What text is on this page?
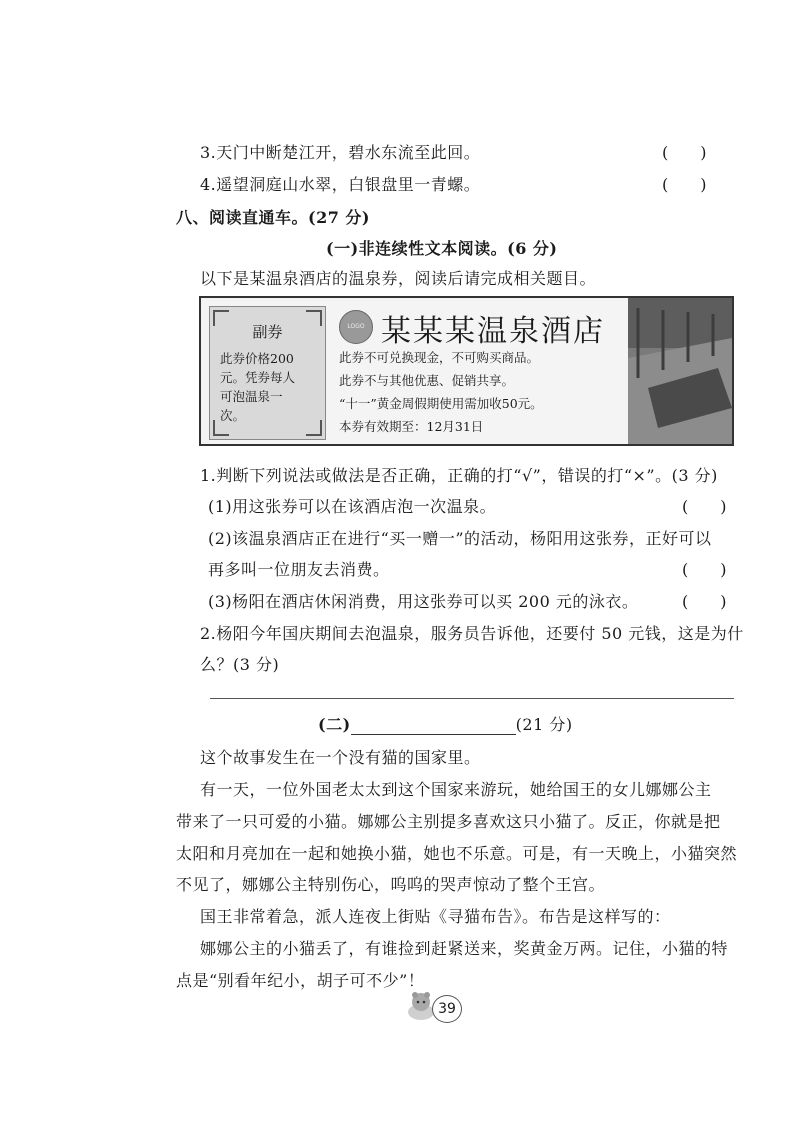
3.天门中断楚江开，碧水东流至此回。	(　　)
4.遥望洞庭山水翠，白银盘里一青螺。	(　　)
八、阅读直通车。(27 分)
(一)非连续性文本阅读。(6 分)
以下是某温泉酒店的温泉券，阅读后请完成相关题目。
副券
此券价格200
元。凭券每人
可泡温泉一
次。
LOGO 某某某温泉酒店
此券不可兑换现金，不可购买商品。
此券不与其他优惠、促销共享。
“十一”黄金周假期使用需加收50元。
本券有效期至：12月31日
1.判断下列说法或做法是否正确，正确的打“√”，错误的打“×”。(3 分)
(1)用这张券可以在该酒店泡一次温泉。	(　　)
(2)该温泉酒店正在进行“买一赠一”的活动，杨阳用这张券，正好可以
再多叫一位朋友去消费。	(　　)
(3)杨阳在酒店休闲消费，用这张券可以买 200 元的泳衣。	(　　)
2.杨阳今年国庆期间去泡温泉，服务员告诉他，还要付 50 元钱，这是为什
么？(3 分)
(二)	(21 分)
这个故事发生在一个没有猫的国家里。
有一天，一位外国老太太到这个国家来游玩，她给国王的女儿娜娜公主
带来了一只可爱的小猫。娜娜公主别提多喜欢这只小猫了。反正，你就是把
太阳和月亮加在一起和她换小猫，她也不乐意。可是，有一天晚上，小猫突然
不见了，娜娜公主特别伤心，呜呜的哭声惊动了整个王宫。
国王非常着急，派人连夜上街贴《寻猫布告》。布告是这样写的：
娜娜公主的小猫丢了，有谁捡到赶紧送来，奖黄金万两。记住，小猫的特
点是“别看年纪小，胡子可不少”！
39
